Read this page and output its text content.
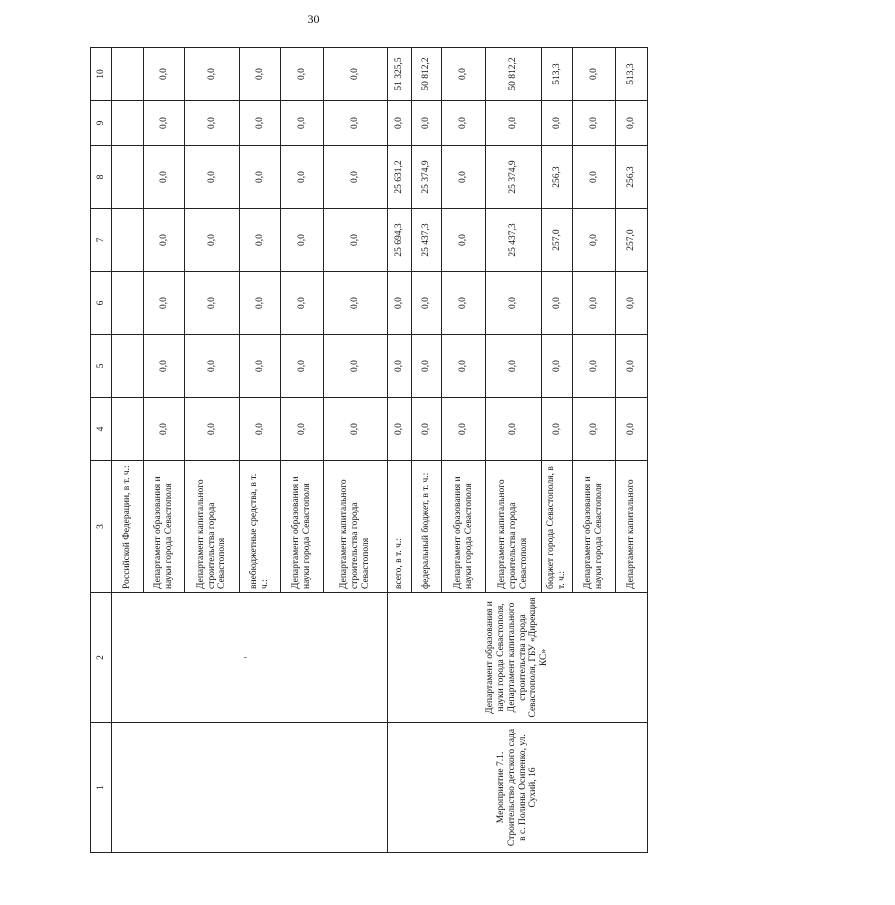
30
1	2	3	4	5	6	7	8	9	10
	'	Российской Федерации, в т. ч.:							
		Департамент образования и науки города Севастополя	0,0	0,0	0,0	0,0	0,0	0,0	0,0
		Департамент капитального строительства города Севастополя	0,0	0,0	0,0	0,0	0,0	0,0	0,0
		внебюджетные средства, в т. ч.:	0,0	0,0	0,0	0,0	0,0	0,0	0,0
		Департамент образования и науки города Севастополя	0,0	0,0	0,0	0,0	0,0	0,0	0,0
		Департамент капитального строительства города Севастополя	0,0	0,0	0,0	0,0	0,0	0,0	0,0
Мероприятие 7.1. Строительство детского сада в с. Полины Осипенко, ул. Сухий, 16	Департамент образования и науки города Севастополя, Департамент капитального строительства города Севастополя, ГБУ «Дирекция КС»	всего, в т. ч.:	0,0	0,0	0,0	25 694,3	25 631,2	0,0	51 325,5
		федеральный бюджет, в т. ч.:	0,0	0,0	0,0	25 437,3	25 374,9	0,0	50 812,2
		Департамент образования и науки города Севастополя	0,0	0,0	0,0	0,0	0,0	0,0	0,0
		Департамент капитального строительства города Севастополя	0,0	0,0	0,0	25 437,3	25 374,9	0,0	50 812,2
		бюджет города Севастополя, в т. ч.:	0,0	0,0	0,0	257,0	256,3	0,0	513,3
		Департамент образования и науки города Севастополя	0,0	0,0	0,0	0,0	0,0	0,0	0,0
		Департамент капитального	0,0	0,0	0,0	257,0	256,3	0,0	513,3
